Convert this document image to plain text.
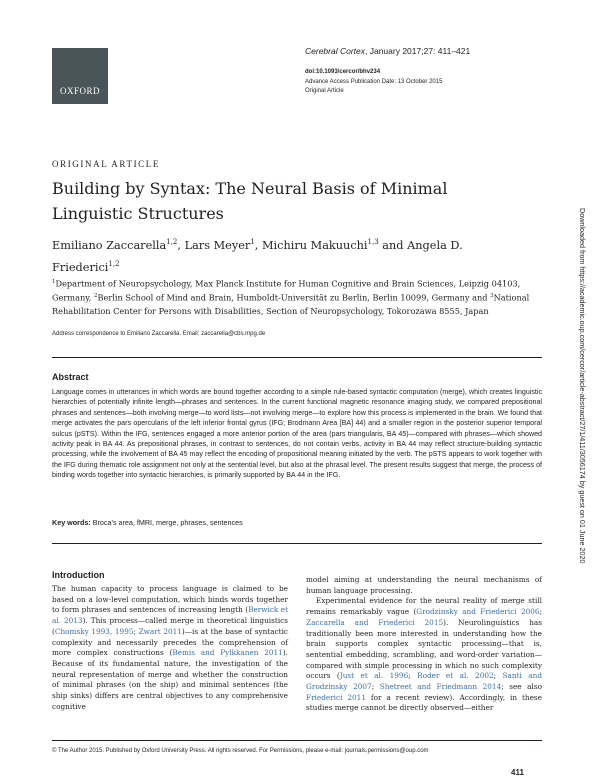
OXFORD
Cerebral Cortex, January 2017;27: 411–421
doi:10.1093/cercor/bhv234
Advance Access Publication Date: 13 October 2015
Original Article
ORIGINAL ARTICLE
Building by Syntax: The Neural Basis of Minimal Linguistic Structures
Emiliano Zaccarella$^{1,2}$, Lars Meyer$^1$, Michiru Makuuchi$^{1,3}$ and Angela D. Friederici$^{1,2}$
$^1$Department of Neuropsychology, Max Planck Institute for Human Cognitive and Brain Sciences, Leipzig 04103, Germany, $^2$Berlin School of Mind and Brain, Humboldt-Universität zu Berlin, Berlin 10099, Germany and $^3$National Rehabilitation Center for Persons with Disabilities, Section of Neuropsychology, Tokorozawa 8555, Japan
Address correspondence to Emiliano Zaccarella. Email: zaccarella@cbs.mpg.de
Abstract
Language comes in utterances in which words are bound together according to a simple rule-based syntactic computation (merge), which creates linguistic hierarchies of potentially infinite length—phrases and sentences. In the current functional magnetic resonance imaging study, we compared prepositional phrases and sentences—both involving merge—to word lists—not involving merge—to explore how this process is implemented in the brain. We found that merge activates the pars opercularis of the left inferior frontal gyrus (IFG; Brodmann Area [BA] 44) and a smaller region in the posterior superior temporal sulcus (pSTS). Within the IFG, sentences engaged a more anterior portion of the area (pars triangularis, BA 45)—compared with phrases—which showed activity peak in BA 44. As prepositional phrases, in contrast to sentences, do not contain verbs, activity in BA 44 may reflect structure-building syntactic processing, while the involvement of BA 45 may reflect the encoding of propositional meaning initiated by the verb. The pSTS appears to work together with the IFG during thematic role assignment not only at the sentential level, but also at the phrasal level. The present results suggest that merge, the process of binding words together into syntactic hierarchies, is primarily supported by BA 44 in the IFG.
Key words: Broca's area, fMRI, merge, phrases, sentences
Introduction

The human capacity to process language is claimed to be based on a low-level computation, which binds words together to form phrases and sentences of increasing length (Berwick et al. 2013). This process—called merge in theoretical linguistics (Chomsky 1993, 1995; Zwart 2011)—is at the base of syntactic complexity and necessarily precedes the comprehension of more complex constructions (Bemis and Pylkkanen 2011). Because of its fundamental nature, the investigation of the neural representation of merge and whether the construction of minimal phrases (on the ship) and minimal sentences (the ship sinks) differs are central objectives to any comprehensive cognitive

model aiming at understanding the neural mechanisms of human language processing.

Experimental evidence for the neural reality of merge still remains remarkably vague (Grodzinsky and Friederici 2006; Zaccarella and Friederici 2015). Neurolinguistics has traditionally been more interested in understanding how the brain supports complex syntactic processing—that is, sentential embedding, scrambling, and word-order variation—compared with simple processing in which no such complexity occurs (Just et al. 1996; Roder et al. 2002; Santi and Grodzinsky 2007; Shetreet and Friedmann 2014; see also Friederici 2011 for a recent review). Accordingly, in these studies merge cannot be directly observed—either

© The Author 2015. Published by Oxford University Press. All rights reserved. For Permissions, please e-mail: journals.permissions@oup.com
411
Downloaded from https://academic.oup.com/cercor/article-abstract/27/1/411/3056174 by guest on 01 June 2020
